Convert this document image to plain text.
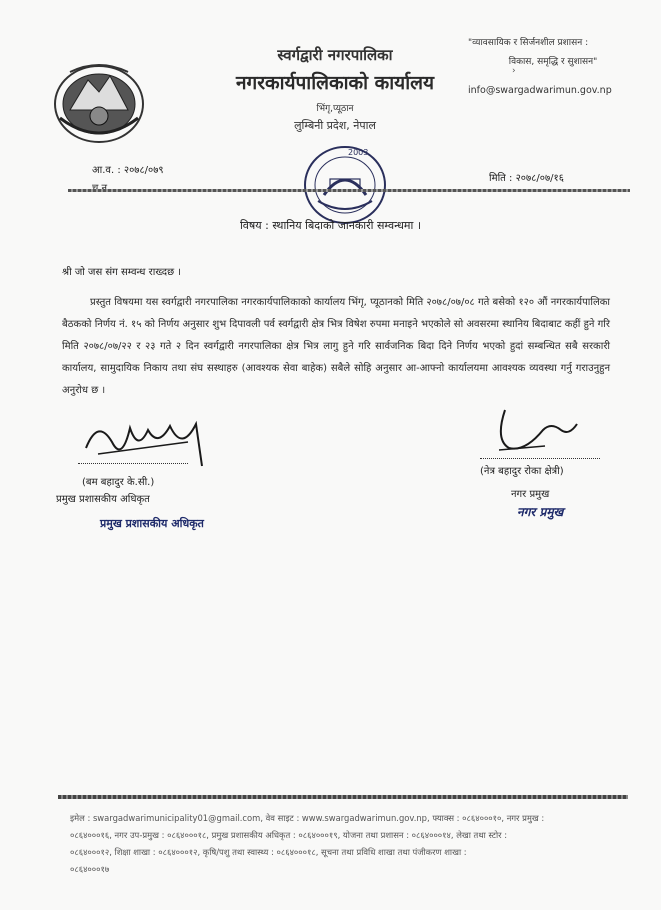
स्वर्गद्वारी नगरपालिका
नगरकार्यपालिकाको कार्यालय
भिंगृ,प्यूठान
लुम्बिनी प्रदेश, नेपाल
"व्यावसायिक र सिर्जनशील प्रशासन :
विकास, समृद्धि र सुशासन"
info@swargadwarimun.gov.np
›
आ.व. : २०७८/०७९
मिति : २०७८/०७/१६
2003
विषय : स्थानिय बिदाको जानकारी सम्वन्धमा ।
श्री जो जस संग सम्वन्ध राख्दछ ।
प्रस्तुत विषयमा यस स्वर्गद्वारी नगरपालिका नगरकार्यपालिकाको कार्यालय भिंगृ, प्यूठानको मिति २०७८/०७/०८ गते बसेको १२० औं नगरकार्यपालिका बैठकको निर्णय नं. १५ को निर्णय अनुसार शुभ दिपावली पर्व स्वर्गद्वारी क्षेत्र भित्र विषेश रुपमा मनाइने भएकोले सो अवसरमा स्थानिय बिदाबाट कहीं हुने गरि मिति २०७८/०७/२२ र २३ गते २ दिन स्वर्गद्वारी नगरपालिका क्षेत्र भित्र लागु हुने गरि सार्वजनिक बिदा दिने निर्णय भएको हुदां सम्बन्धित सबै सरकारी कार्यालय, सामुदायिक निकाय तथा संघ सस्थाहरु (आवश्यक सेवा बाहेक) सबैले सोहि अनुसार आ-आफ्नो कार्यालयमा आवश्यक व्यवस्था गर्नु गराउनुहुन अनुरोध छ ।
(बम बहादुर के.सी.)
प्रमुख प्रशासकीय अधिकृत
प्रमुख प्रशासकीय अधिकृत
(नेत्र बहादुर रोका क्षेत्री)
नगर प्रमुख
नगर प्रमुख
इमेल : swargadwarimunicipality01@gmail.com, वेव साइट : www.swargadwarimun.gov.np, फ्याक्स : ०८६४०००१०, नगर प्रमुख :
०८६४०००१६, नगर उप-प्रमुख : ०८६४०००१८, प्रमुख प्रशासकीय अधिकृत : ०८६४०००१९, योजना तथा प्रशासन : ०८६४०००१४, लेखा तथा स्टोर :
०८६४०००१२, शिक्षा शाखा : ०८६४०००१२, कृषि/पशु तथा स्वास्थ्य : ०८६४०००१८, सूचना तथा प्रविधि शाखा तथा पंजीकरण शाखा :
०८६४०००१७
